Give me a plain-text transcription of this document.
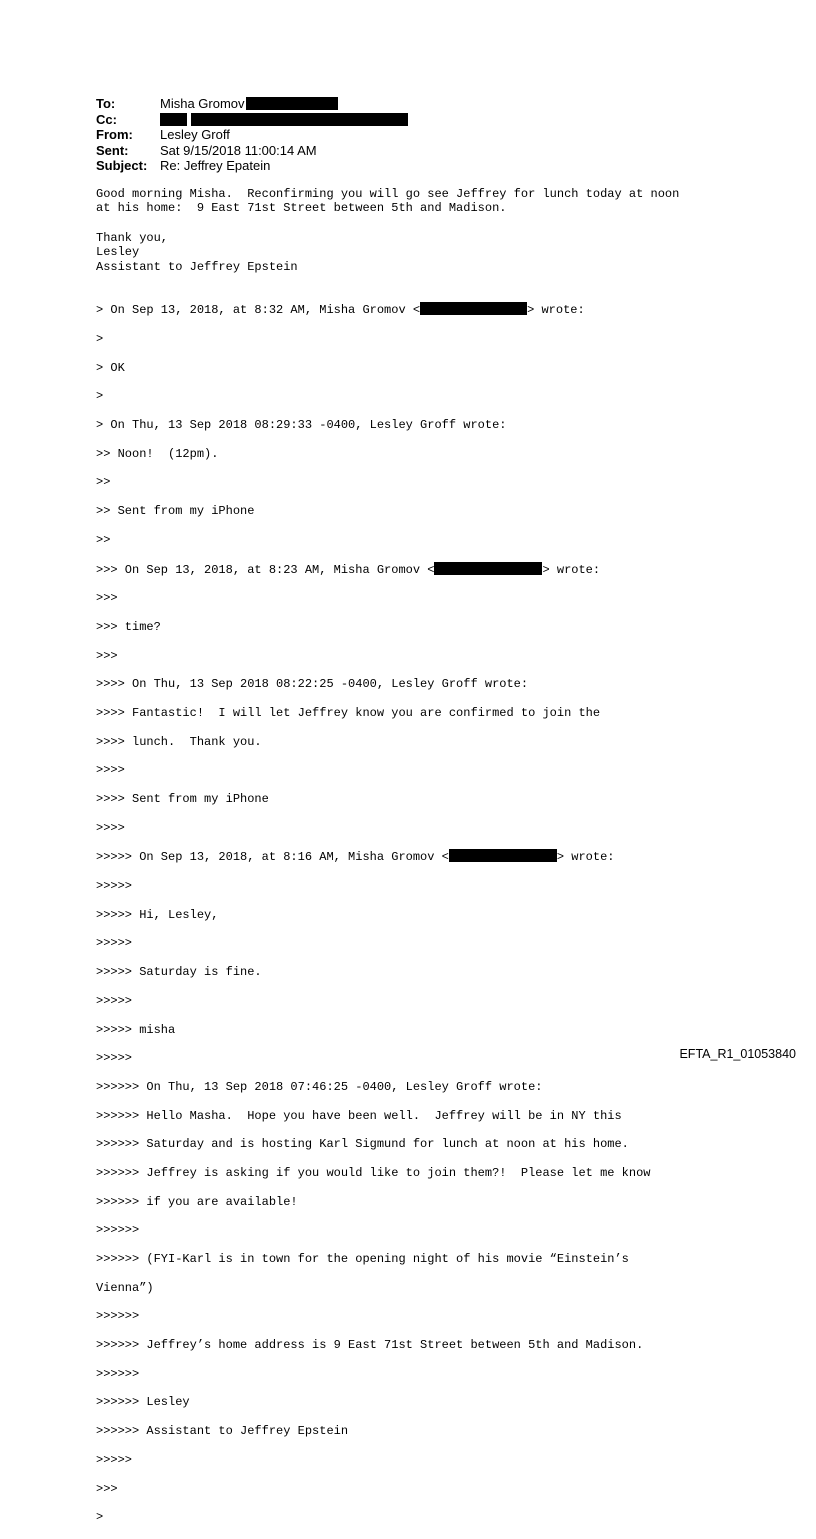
To:	Misha Gromov
Cc:
From:	Lesley Groff
Sent:	Sat 9/15/2018 11:00:14 AM
Subject: Re: Jeffrey Epatein
Good morning Misha.  Reconfirming you will go see Jeffrey for lunch today at noon
at his home:  9 East 71st Street between 5th and Madison.
Thank you,
Lesley
Assistant to Jeffrey Epstein

> On Sep 13, 2018, at 8:32 AM, Misha Gromov <	> wrote:

>

> OK

>

> On Thu, 13 Sep 2018 08:29:33 -0400, Lesley Groff wrote:

>> Noon!  (12pm).

>>

>> Sent from my iPhone

>>

>>> On Sep 13, 2018, at 8:23 AM, Misha Gromov <	> wrote:

>>>

>>> time?

>>>

>>>> On Thu, 13 Sep 2018 08:22:25 -0400, Lesley Groff wrote:

>>>> Fantastic!  I will let Jeffrey know you are confirmed to join the

>>>> lunch.  Thank you.

>>>>

>>>> Sent from my iPhone

>>>>

>>>>> On Sep 13, 2018, at 8:16 AM, Misha Gromov <	> wrote:

>>>>>

>>>>> Hi, Lesley,

>>>>>

>>>>> Saturday is fine.

>>>>>

>>>>> misha

>>>>>

>>>>>> On Thu, 13 Sep 2018 07:46:25 -0400, Lesley Groff wrote:

>>>>>> Hello Masha.  Hope you have been well.  Jeffrey will be in NY this

>>>>>> Saturday and is hosting Karl Sigmund for lunch at noon at his home.

>>>>>> Jeffrey is asking if you would like to join them?!  Please let me know

>>>>>> if you are available!

>>>>>>

>>>>>> (FYI-Karl is in town for the opening night of his movie “Einstein’s

Vienna”)

>>>>>>

>>>>>> Jeffrey’s home address is 9 East 71st Street between 5th and Madison.

>>>>>>

>>>>>> Lesley

>>>>>> Assistant to Jeffrey Epstein

>>>>>

>>>

>

EFTA_R1_01053840
